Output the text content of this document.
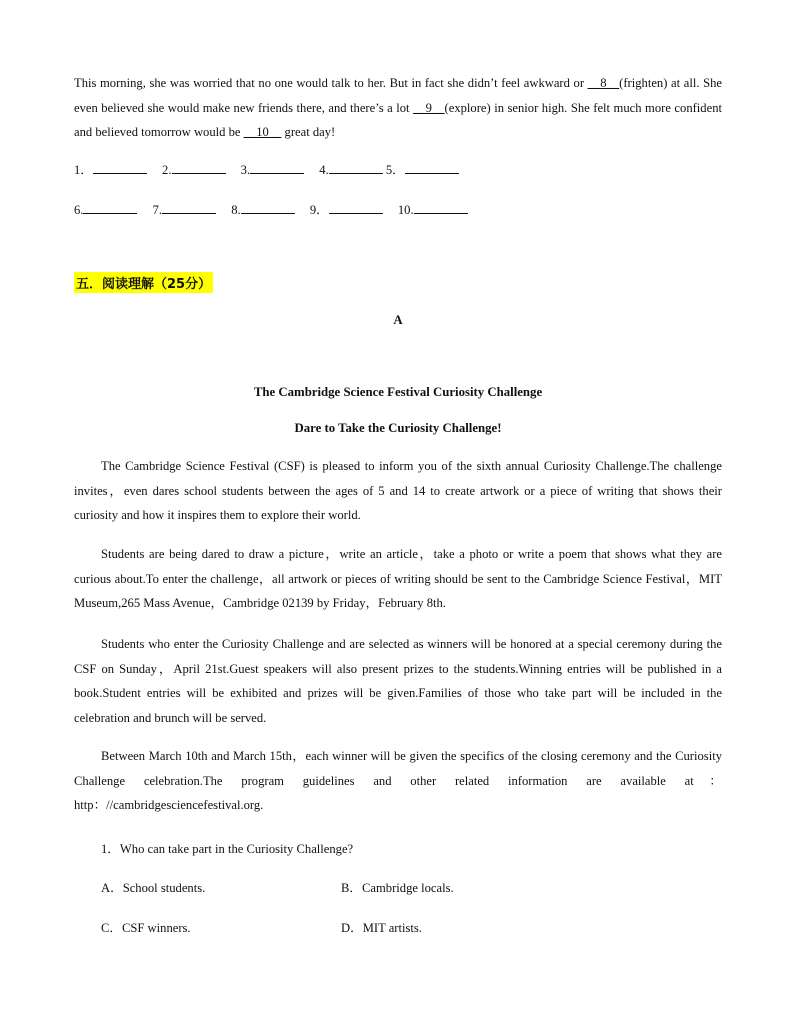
This morning, she was worried that no one would talk to her. But in fact she didn’t feel awkward or __8__(frighten) at all. She even believed she would make new friends there, and there’s a lot __9__(explore) in senior high. She felt much more confident and believed tomorrow would be __10__ great day!

1．	2.	3.	4.	5．
6.	7.	8.	9．	10.
五．阅读理解（25分）
A
The Cambridge Science Festival Curiosity Challenge
Dare to Take the Curiosity Challenge!

The Cambridge Science Festival (CSF) is pleased to inform you of the sixth annual Curiosity Challenge.The challenge invites，even dares school students between the ages of 5 and 14 to create artwork or a piece of writing that shows their curiosity and how it inspires them to explore their world.

Students are being dared to draw a picture，write an article，take a photo or write a poem that shows what they are curious about.To enter the challenge，all artwork or pieces of writing should be sent to the Cambridge Science Festival，MIT Museum,265 Mass Avenue，Cambridge 02139 by Friday，February 8th.

Students who enter the Curiosity Challenge and are selected as winners will be honored at a special ceremony during the CSF on Sunday，April 21st.Guest speakers will also present prizes to the students.Winning entries will be published in a book.Student entries will be exhibited and prizes will be given.Families of those who take part will be included in the celebration and brunch will be served.

Between March 10th and March 15th，each winner will be given the specifics of the closing ceremony and the Curiosity Challenge celebration.The program guidelines and other related information are available at：http：//cambridgesciencefestival.org.

1．Who can take part in the Curiosity Challenge?
A．School students.	B．Cambridge locals.
C．CSF winners.	D．MIT artists.
